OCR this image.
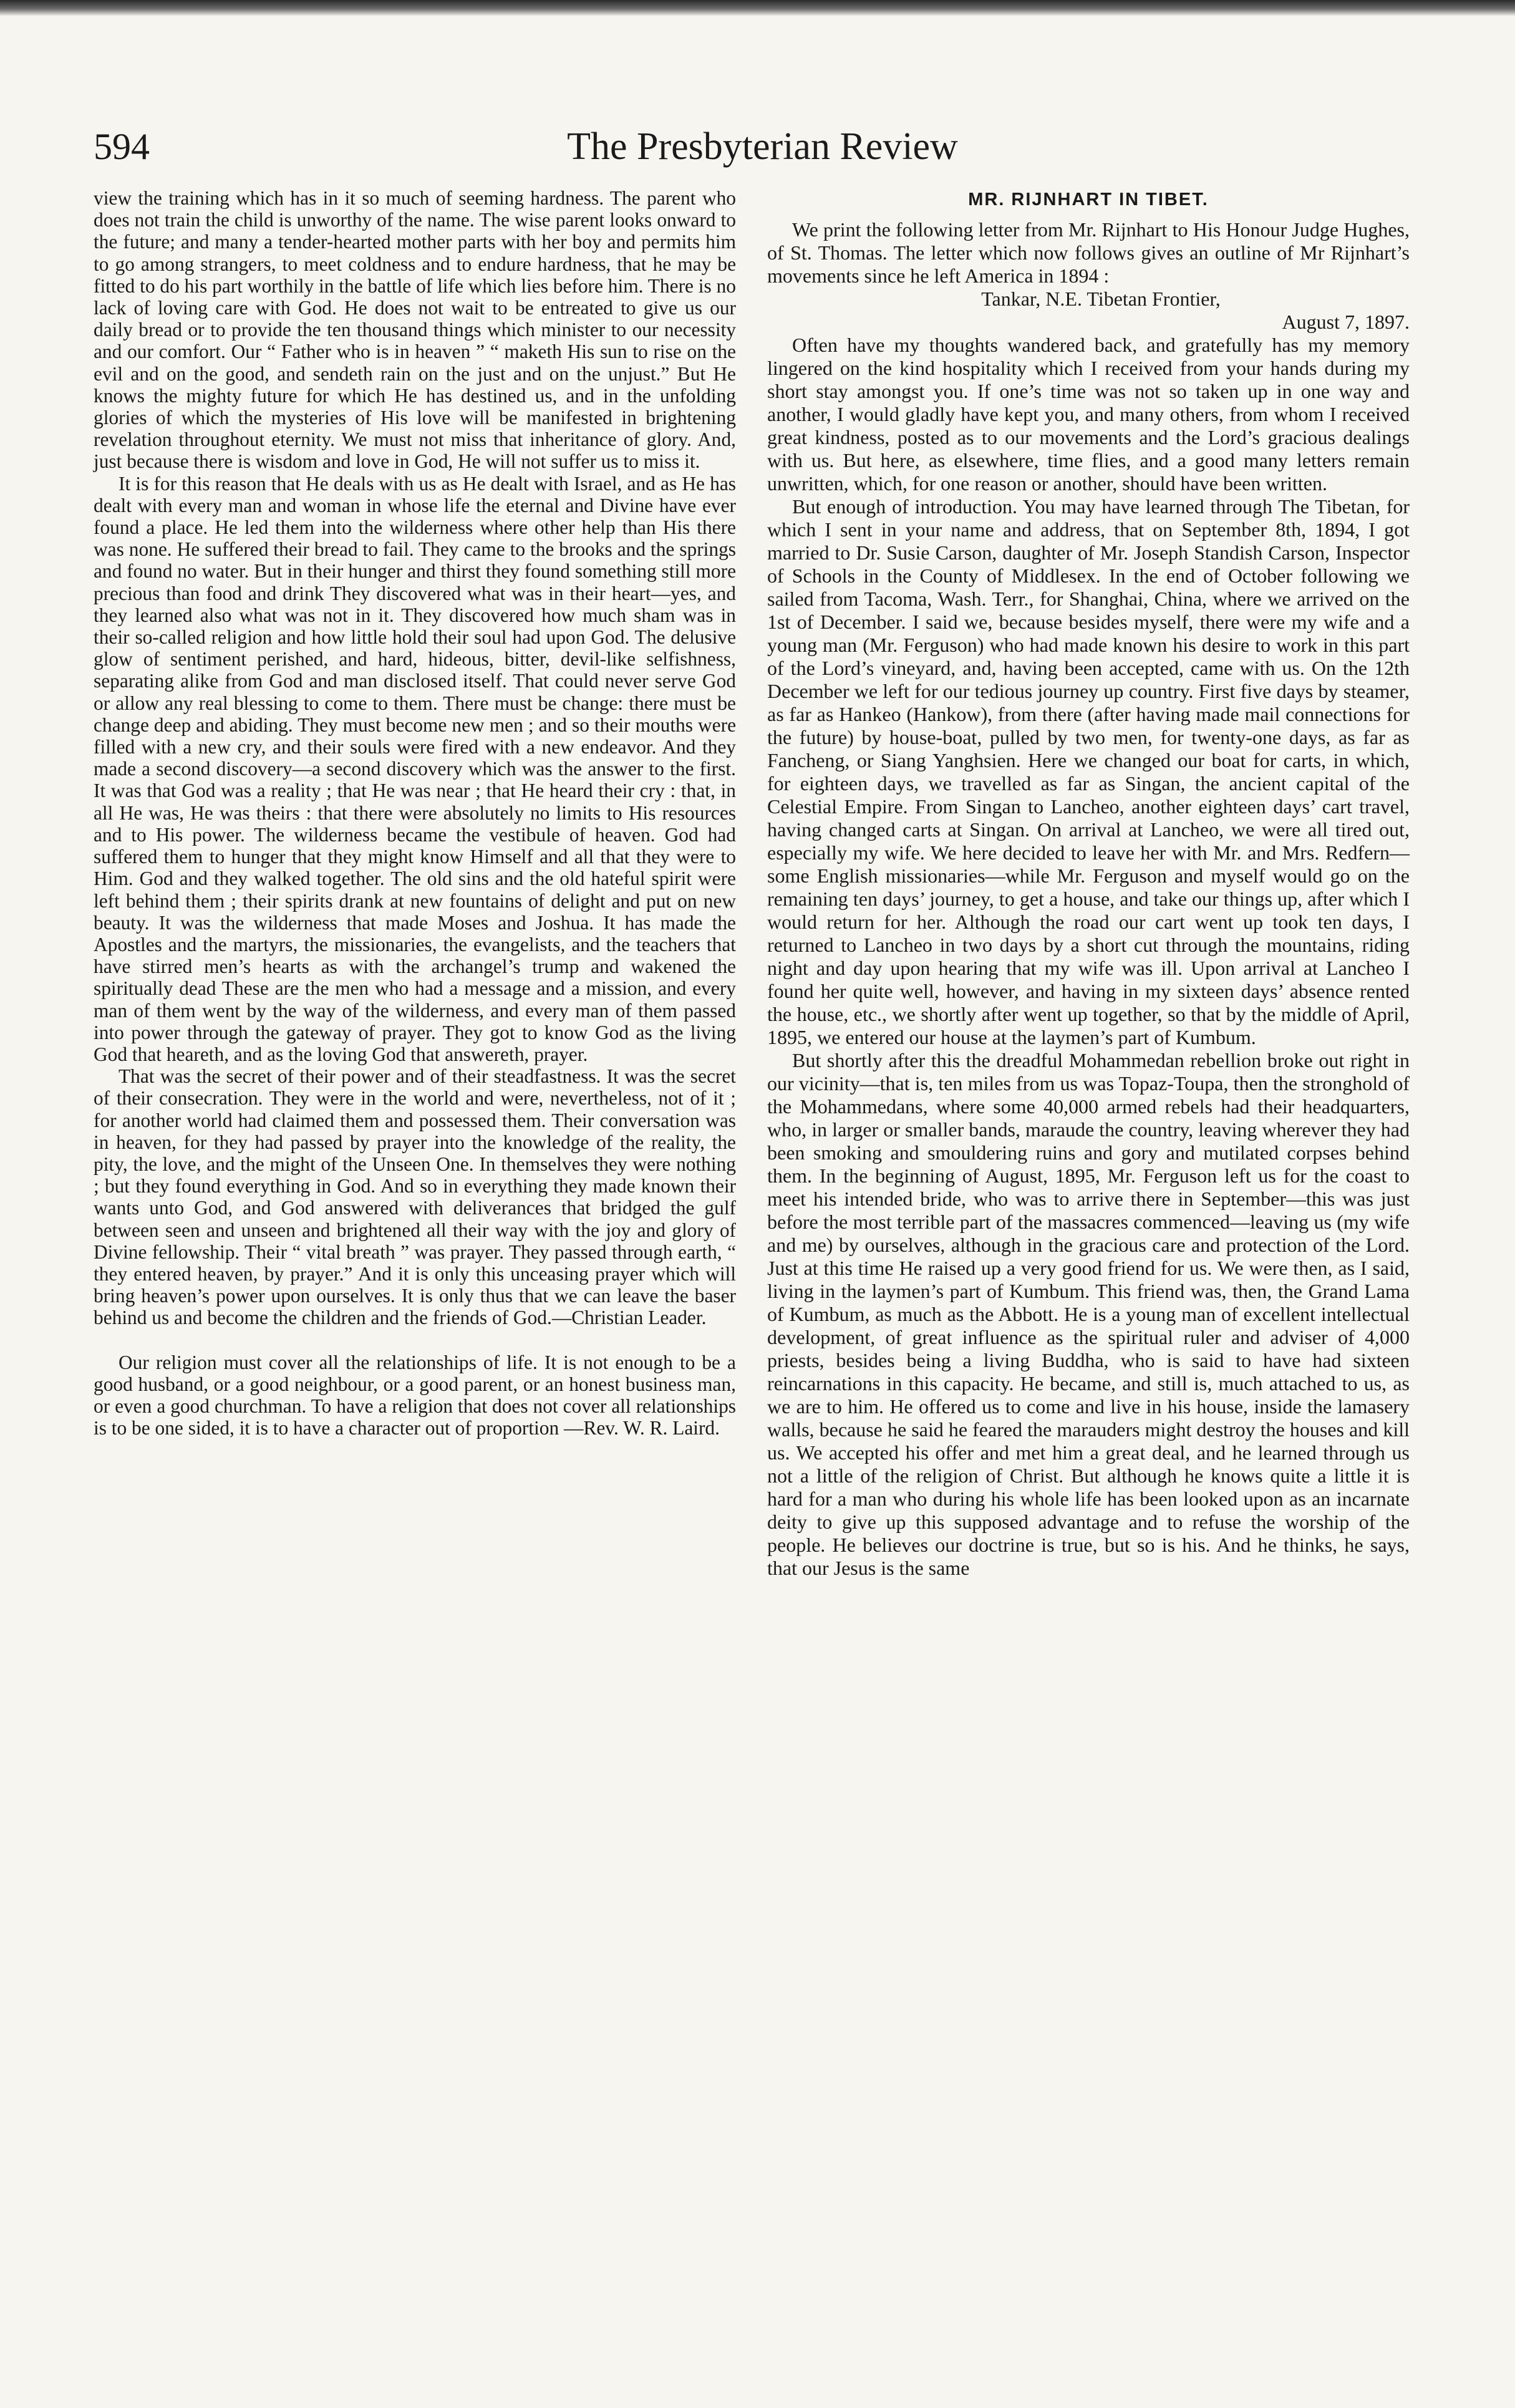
The Presbyterian Review
594

view the training which has in it so much of seeming hardness. The parent who does not train the child is unworthy of the name. The wise parent looks onward to the future; and many a tender-hearted mother parts with her boy and permits him to go among strangers, to meet coldness and to endure hardness, that he may be fitted to do his part worthily in the battle of life which lies before him. There is no lack of loving care with God. He does not wait to be entreated to give us our daily bread or to provide the ten thousand things which minister to our necessity and our comfort. Our “ Father who is in heaven ” “ maketh His sun to rise on the evil and on the good, and sendeth rain on the just and on the unjust.” But He knows the mighty future for which He has destined us, and in the unfolding glories of which the mysteries of His love will be manifested in brightening revelation throughout eternity. We must not miss that inheritance of glory. And, just because there is wisdom and love in God, He will not suffer us to miss it.

It is for this reason that He deals with us as He dealt with Israel, and as He has dealt with every man and woman in whose life the eternal and Divine have ever found a place. He led them into the wilderness where other help than His there was none. He suffered their bread to fail. They came to the brooks and the springs and found no water. But in their hunger and thirst they found something still more precious than food and drink They discovered what was in their heart—yes, and they learned also what was not in it. They discovered how much sham was in their so-called religion and how little hold their soul had upon God. The delusive glow of sentiment perished, and hard, hideous, bitter, devil-like selfishness, separating alike from God and man disclosed itself. That could never serve God or allow any real blessing to come to them. There must be change: there must be change deep and abiding. They must become new men ; and so their mouths were filled with a new cry, and their souls were fired with a new endeavor. And they made a second discovery—a second discovery which was the answer to the first. It was that God was a reality ; that He was near ; that He heard their cry : that, in all He was, He was theirs : that there were absolutely no limits to His resources and to His power. The wilderness became the vestibule of heaven. God had suffered them to hunger that they might know Himself and all that they were to Him. God and they walked together. The old sins and the old hateful spirit were left behind them ; their spirits drank at new fountains of delight and put on new beauty. It was the wilderness that made Moses and Joshua. It has made the Apostles and the martyrs, the missionaries, the evangelists, and the teachers that have stirred men’s hearts as with the archangel’s trump and wakened the spiritually dead These are the men who had a message and a mission, and every man of them went by the way of the wilderness, and every man of them passed into power through the gateway of prayer. They got to know God as the living God that heareth, and as the loving God that answereth, prayer.

That was the secret of their power and of their steadfastness. It was the secret of their consecration. They were in the world and were, nevertheless, not of it ; for another world had claimed them and possessed them. Their conversation was in heaven, for they had passed by prayer into the knowledge of the reality, the pity, the love, and the might of the Unseen One. In themselves they were nothing ; but they found everything in God. And so in everything they made known their wants unto God, and God answered with deliverances that bridged the gulf between seen and unseen and brightened all their way with the joy and glory of Divine fellowship. Their “ vital breath ” was prayer. They passed through earth, “ they entered heaven, by prayer.” And it is only this unceasing prayer which will bring heaven’s power upon ourselves. It is only thus that we can leave the baser behind us and become the children and the friends of God.—Christian Leader.

Our religion must cover all the relationships of life. It is not enough to be a good husband, or a good neighbour, or a good parent, or an honest business man, or even a good churchman. To have a religion that does not cover all relationships is to be one sided, it is to have a character out of proportion —Rev. W. R. Laird.

MR. RIJNHART IN TIBET.

We print the following letter from Mr. Rijnhart to His Honour Judge Hughes, of St. Thomas. The letter which now follows gives an outline of Mr Rijnhart’s movements since he left America in 1894 :

Tankar, N.E. Tibetan Frontier,

August 7, 1897.

Often have my thoughts wandered back, and gratefully has my memory lingered on the kind hospitality which I received from your hands during my short stay amongst you. If one’s time was not so taken up in one way and another, I would gladly have kept you, and many others, from whom I received great kindness, posted as to our movements and the Lord’s gracious dealings with us. But here, as elsewhere, time flies, and a good many letters remain unwritten, which, for one reason or another, should have been written.

But enough of introduction. You may have learned through The Tibetan, for which I sent in your name and address, that on September 8th, 1894, I got married to Dr. Susie Carson, daughter of Mr. Joseph Standish Carson, Inspector of Schools in the County of Middlesex. In the end of October following we sailed from Tacoma, Wash. Terr., for Shanghai, China, where we arrived on the 1st of December. I said we, because besides myself, there were my wife and a young man (Mr. Ferguson) who had made known his desire to work in this part of the Lord’s vineyard, and, having been accepted, came with us. On the 12th December we left for our tedious journey up country. First five days by steamer, as far as Hankeo (Hankow), from there (after having made mail connections for the future) by house-boat, pulled by two men, for twenty-one days, as far as Fancheng, or Siang Yanghsien. Here we changed our boat for carts, in which, for eighteen days, we travelled as far as Singan, the ancient capital of the Celestial Empire. From Singan to Lancheo, another eighteen days’ cart travel, having changed carts at Singan. On arrival at Lancheo, we were all tired out, especially my wife. We here decided to leave her with Mr. and Mrs. Redfern—some English missionaries—while Mr. Ferguson and myself would go on the remaining ten days’ journey, to get a house, and take our things up, after which I would return for her. Although the road our cart went up took ten days, I returned to Lancheo in two days by a short cut through the mountains, riding night and day upon hearing that my wife was ill. Upon arrival at Lancheo I found her quite well, however, and having in my sixteen days’ absence rented the house, etc., we shortly after went up together, so that by the middle of April, 1895, we entered our house at the laymen’s part of Kumbum.

But shortly after this the dreadful Mohammedan rebellion broke out right in our vicinity—that is, ten miles from us was Topaz-Toupa, then the stronghold of the Mohammedans, where some 40,000 armed rebels had their headquarters, who, in larger or smaller bands, maraude the country, leaving wherever they had been smoking and smouldering ruins and gory and mutilated corpses behind them. In the beginning of August, 1895, Mr. Ferguson left us for the coast to meet his intended bride, who was to arrive there in September—this was just before the most terrible part of the massacres commenced—leaving us (my wife and me) by ourselves, although in the gracious care and protection of the Lord. Just at this time He raised up a very good friend for us. We were then, as I said, living in the laymen’s part of Kumbum. This friend was, then, the Grand Lama of Kumbum, as much as the Abbott. He is a young man of excellent intellectual development, of great influence as the spiritual ruler and adviser of 4,000 priests, besides being a living Buddha, who is said to have had sixteen reincarnations in this capacity. He became, and still is, much attached to us, as we are to him. He offered us to come and live in his house, inside the lamasery walls, because he said he feared the marauders might destroy the houses and kill us. We accepted his offer and met him a great deal, and he learned through us not a little of the religion of Christ. But although he knows quite a little it is hard for a man who during his whole life has been looked upon as an incarnate deity to give up this supposed advantage and to refuse the worship of the people. He believes our doctrine is true, but so is his. And he thinks, he says, that our Jesus is the same
